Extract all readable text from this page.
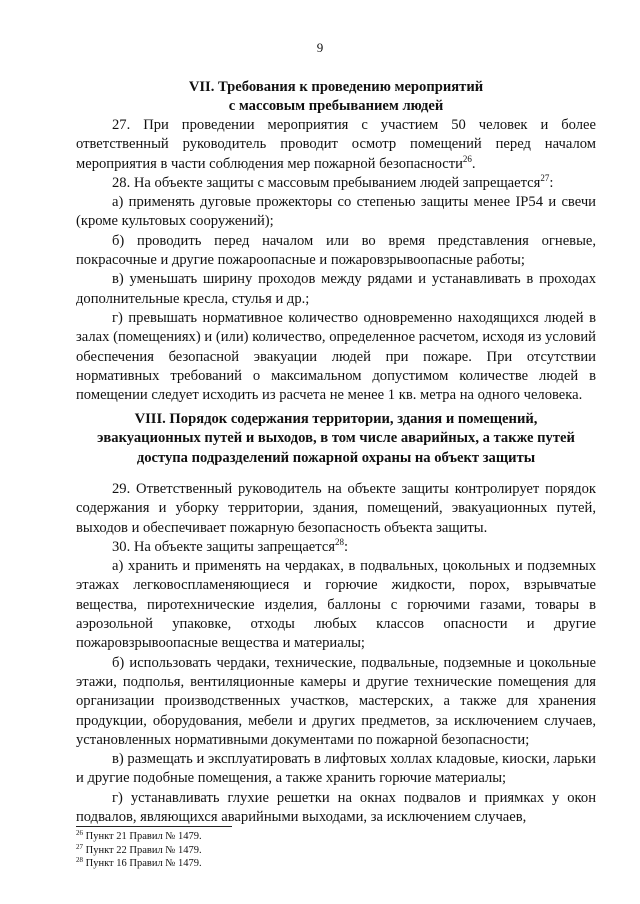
9
VII. Требования к проведению мероприятий
с массовым пребыванием людей

27. При проведении мероприятия с участием 50 человек и более ответственный руководитель проводит осмотр помещений перед началом мероприятия в части соблюдения мер пожарной безопасности$^{26}$.

28. На объекте защиты с массовым пребыванием людей запрещается$^{27}$:

а) применять дуговые прожекторы со степенью защиты менее IP54 и свечи (кроме культовых сооружений);

б) проводить перед началом или во время представления огневые, покрасочные и другие пожароопасные и пожаровзрывоопасные работы;

в) уменьшать ширину проходов между рядами и устанавливать в проходах дополнительные кресла, стулья и др.;

г) превышать нормативное количество одновременно находящихся людей в залах (помещениях) и (или) количество, определенное расчетом, исходя из условий обеспечения безопасной эвакуации людей при пожаре. При отсутствии нормативных требований о максимальном допустимом количестве людей в помещении следует исходить из расчета не менее 1 кв. метра на одного человека.

VIII. Порядок содержания территории, здания и помещений,
эвакуационных путей и выходов, в том числе аварийных, а также путей
доступа подразделений пожарной охраны на объект защиты

29. Ответственный руководитель на объекте защиты контролирует порядок содержания и уборку территории, здания, помещений, эвакуационных путей, выходов и обеспечивает пожарную безопасность объекта защиты.

30. На объекте защиты запрещается$^{28}$:

а) хранить и применять на чердаках, в подвальных, цокольных и подземных этажах легковоспламеняющиеся и горючие жидкости, порох, взрывчатые вещества, пиротехнические изделия, баллоны с горючими газами, товары в аэрозольной упаковке, отходы любых классов опасности и другие пожаровзрывоопасные вещества и материалы;

б) использовать чердаки, технические, подвальные, подземные и цокольные этажи, подполья, вентиляционные камеры и другие технические помещения для организации производственных участков, мастерских, а также для хранения продукции, оборудования, мебели и других предметов, за исключением случаев, установленных нормативными документами по пожарной безопасности;

в) размещать и эксплуатировать в лифтовых холлах кладовые, киоски, ларьки и другие подобные помещения, а также хранить горючие материалы;

г) устанавливать глухие решетки на окнах подвалов и приямках у окон подвалов, являющихся аварийными выходами, за исключением случаев,

$^{26}$ Пункт 21 Правил № 1479.
$^{27}$ Пункт 22 Правил № 1479.
$^{28}$ Пункт 16 Правил № 1479.
